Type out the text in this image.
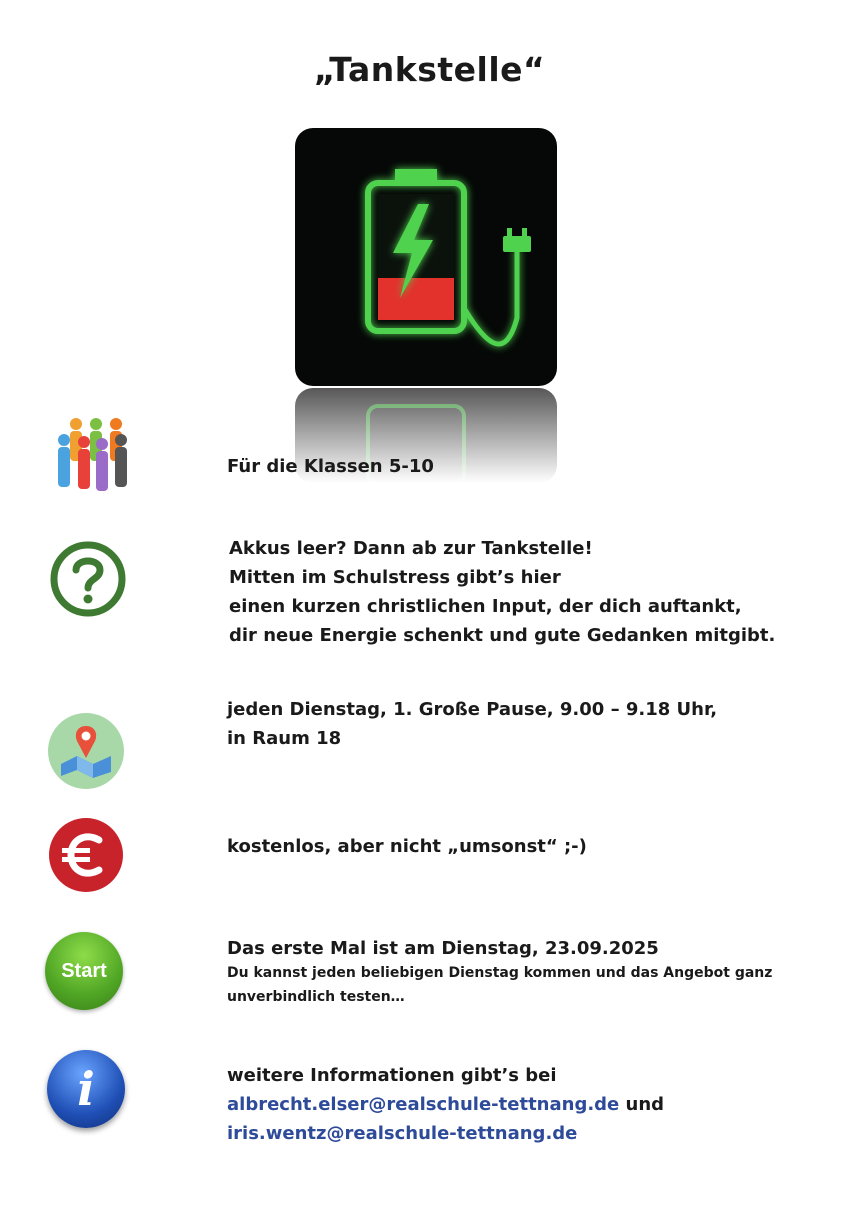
„Tankstelle“
Für die Klassen 5-10
Akkus leer? Dann ab zur Tankstelle!
Mitten im Schulstress gibt’s hier
einen kurzen christlichen Input, der dich auftankt,
dir neue Energie schenkt und gute Gedanken mitgibt.
jeden Dienstag, 1. Große Pause, 9.00 – 9.18 Uhr,
in Raum 18
kostenlos, aber nicht „umsonst“ ;-)
Start
Das erste Mal ist am Dienstag, 23.09.2025
Du kannst jeden beliebigen Dienstag kommen und das Angebot ganz
unverbindlich testen…
i	weitere Informationen gibt’s bei
albrecht.elser@realschule-tettnang.de und
iris.wentz@realschule-tettnang.de
